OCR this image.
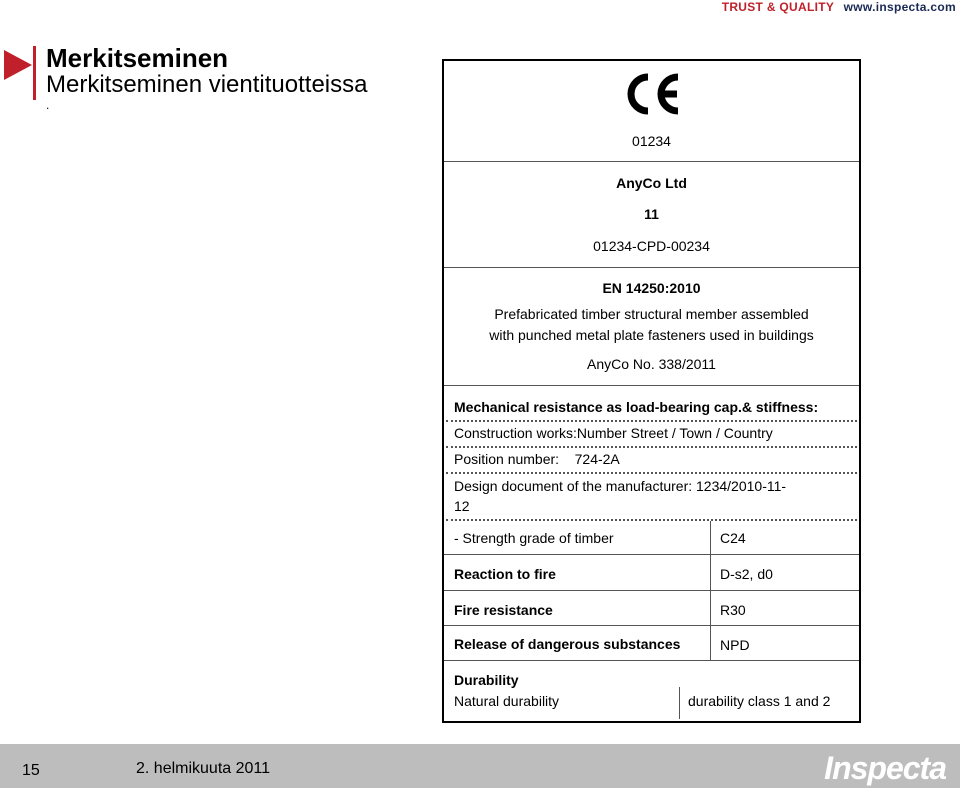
TRUST & QUALITY www.inspecta.com
Merkitseminen
Merkitseminen vientituotteissa
.
01234
AnyCo Ltd
11
01234-CPD-00234
EN 14250:2010
Prefabricated timber structural member assembled
with punched metal plate fasteners used in buildings
AnyCo No. 338/2011
Mechanical resistance as load-bearing cap.& stiffness:
Construction works:Number Street / Town / Country
Position number: 724-2A
Design document of the manufacturer: 1234/2010-11-
12
- Strength grade of timber	C24
Reaction to fire	D-s2, d0
Fire resistance	R30
Release of dangerous substances	NPD
Durability
Natural durability	durability class 1 and 2
15	2. helmikuuta 2011	Inspecta
